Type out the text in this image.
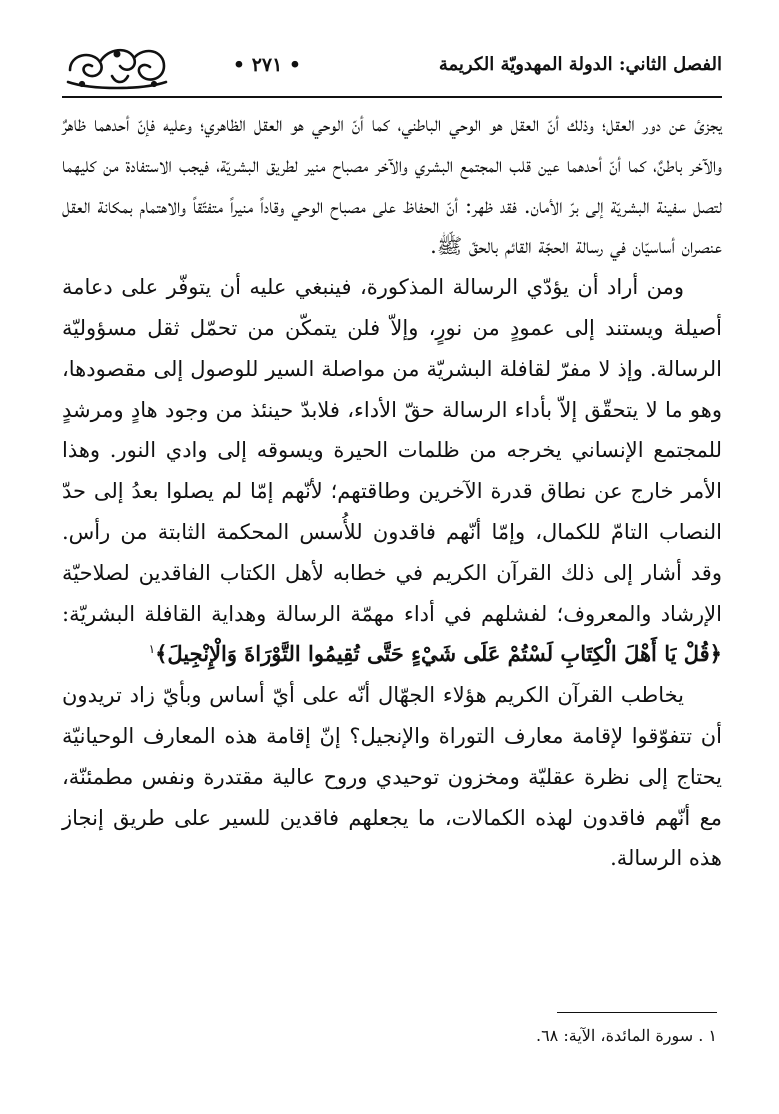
• ٢٧١ •	الفصل الثاني: الدولة المهدويّة الكريمة

يجزئ عن دور العقل؛ وذلك أنّ العقل هو الوحي الباطني، كما أنّ الوحي هو العقل الظاهري؛ وعليه فإنّ أحدهما ظاهرٌ والآخر باطنٌ، كما أنّ أحدهما عين قلب المجتمع البشري والآخر مصباح منير لطريق البشريّة، فيجب الاستفادة من كليهما لتصل سفينة البشريّة إلى برّ الأمان. فقد ظهر: أنّ الحفاظ على مصباح الوحي وقاداً منيراً متفتّقاً والاهتمام بمكانة العقل عنصران أساسيّان في رسالة الحجّة القائم بالحقّ ﷺ.

ومن أراد أن يؤدّي الرسالة المذكورة، فينبغي عليه أن يتوفّر على دعامة أصيلة ويستند إلى عمودٍ من نورٍ، وإلاّ فلن يتمكّن من تحمّل ثقل مسؤوليّة الرسالة. وإذ لا مفرّ لقافلة البشريّة من مواصلة السير للوصول إلى مقصودها، وهو ما لا يتحقّق إلاّ بأداء الرسالة حقّ الأداء، فلابدّ حينئذ من وجود هادٍ ومرشدٍ للمجتمع الإنساني يخرجه من ظلمات الحيرة ويسوقه إلى وادي النور. وهذا الأمر خارج عن نطاق قدرة الآخرين وطاقتهم؛ لأنّهم إمّا لم يصلوا بعدُ إلى حدّ النصاب التامّ للكمال، وإمّا أنّهم فاقدون للأُسس المحكمة الثابتة من رأس. وقد أشار إلى ذلك القرآن الكريم في خطابه لأهل الكتاب الفاقدين لصلاحيّة الإرشاد والمعروف؛ لفشلهم في أداء مهمّة الرسالة وهداية القافلة البشريّة: ﴿قُلْ يَا أَهْلَ الْكِتَابِ لَسْتُمْ عَلَى شَيْءٍ حَتَّى تُقِيمُوا التَّوْرَاةَ وَالْإِنْجِيلَ﴾$^١$

يخاطب القرآن الكريم هؤلاء الجهّال أنّه على أيّ أساس وبأيّ زاد تريدون أن تتفوّقوا لإقامة معارف التوراة والإنجيل؟ إنّ إقامة هذه المعارف الوحيانيّة يحتاج إلى نظرة عقليّة ومخزون توحيدي وروح عالية مقتدرة ونفس مطمئنّة، مع أنّهم فاقدون لهذه الكمالات، ما يجعلهم فاقدين للسير على طريق إنجاز هذه الرسالة.

١ . سورة المائدة، الآية: ٦٨.
